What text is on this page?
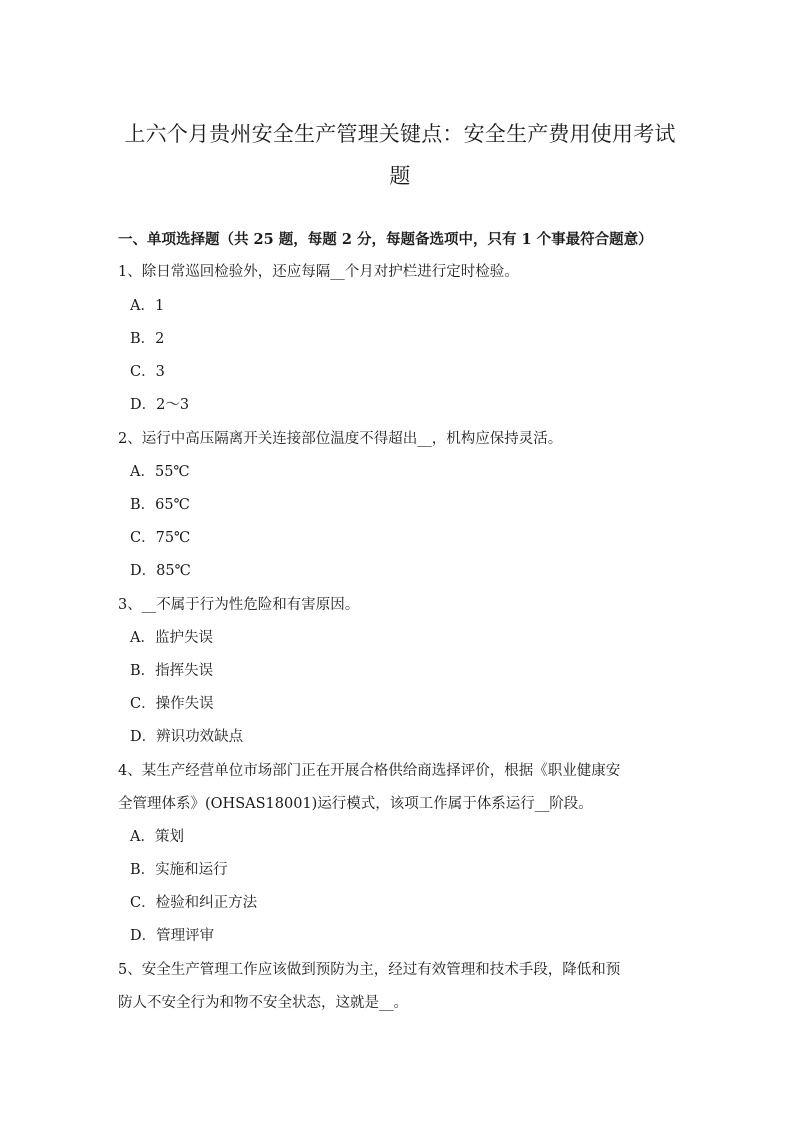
上六个月贵州安全生产管理关键点：安全生产费用使用考试
题
一、单项选择题（共 25 题，每题 2 分，每题备选项中，只有 1 个事最符合题意）
1、除日常巡回检验外，还应每隔__个月对护栏进行定时检验。
A．1
B．2
C．3
D．2～3
2、运行中高压隔离开关连接部位温度不得超出__，机构应保持灵活。
A．55℃
B．65℃
C．75℃
D．85℃
3、__不属于行为性危险和有害原因。
A．监护失误
B．指挥失误
C．操作失误
D．辨识功效缺点
4、某生产经营单位市场部门正在开展合格供给商选择评价，根据《职业健康安
全管理体系》(OHSAS18001)运行模式，该项工作属于体系运行__阶段。
A．策划
B．实施和运行
C．检验和纠正方法
D．管理评审
5、安全生产管理工作应该做到预防为主，经过有效管理和技术手段，降低和预
防人不安全行为和物不安全状态，这就是__。
